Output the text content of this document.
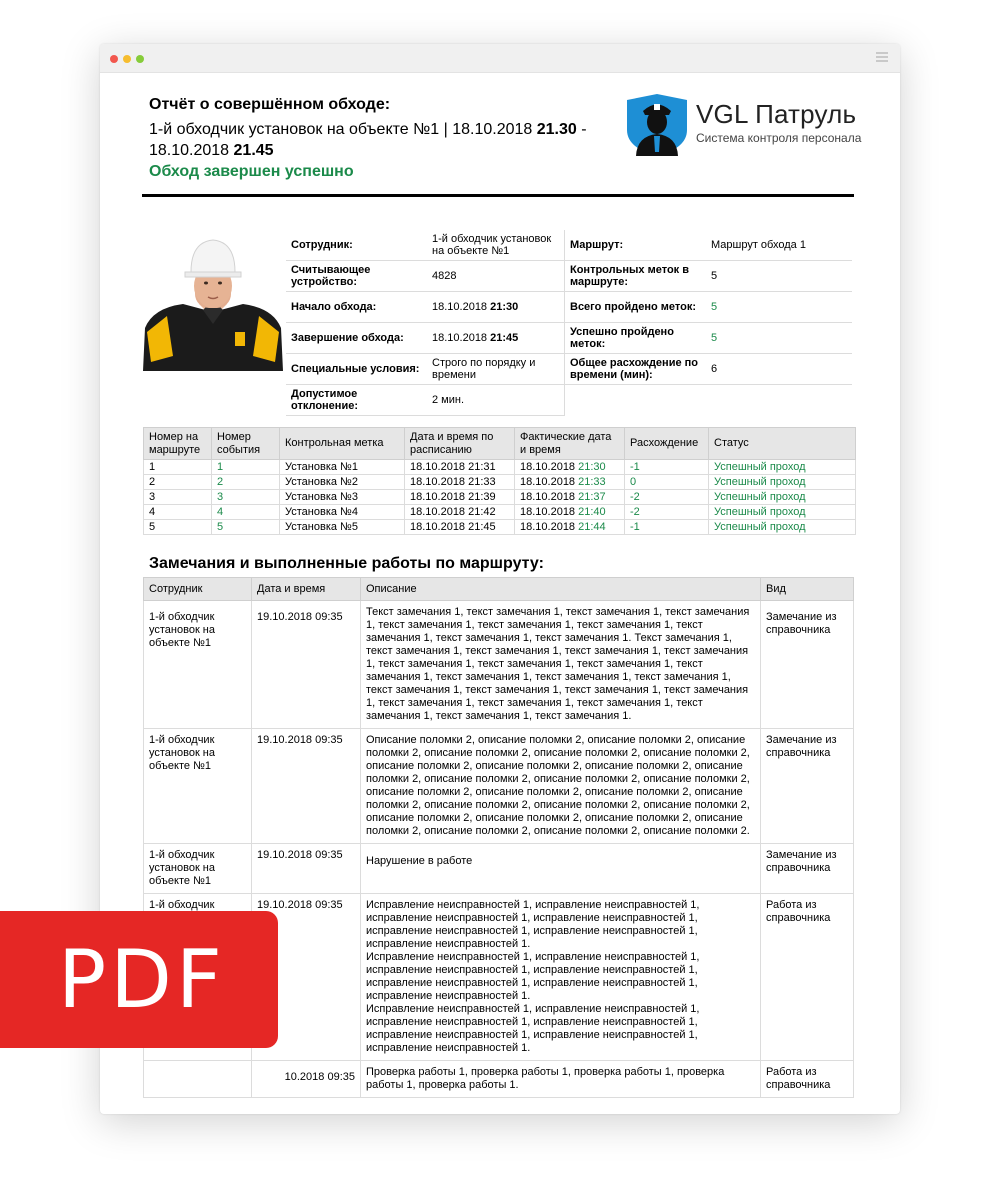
Отчёт о совершённом обходе:
1-й обходчик установок на объекте №1 | 18.10.2018 21.30 - 18.10.2018 21.45
Обход завершен успешно
VGL Патруль
Система контроля персонала
Сотрудник:	1-й обходчик установок на объекте №1	Маршрут:	Маршрут обхода 1
Считывающее устройство:	4828	Контрольных меток в маршруте:	5
Начало обхода:	18.10.2018 21:30	Всего пройдено меток:	5
Завершение обхода:	18.10.2018 21:45	Успешно пройдено меток:	5
Специальные условия:	Строго по порядку и времени	Общее расхождение по времени (мин):	6
Допустимое отклонение:	2 мин.		
Номер на маршруте	Номер события	Контрольная метка	Дата и время по расписанию	Фактические дата и время	Расхождение	Статус
1	1	Установка №1	18.10.2018 21:31	18.10.2018 21:30	-1	Успешный проход
2	2	Установка №2	18.10.2018 21:33	18.10.2018 21:33	0	Успешный проход
3	3	Установка №3	18.10.2018 21:39	18.10.2018 21:37	-2	Успешный проход
4	4	Установка №4	18.10.2018 21:42	18.10.2018 21:40	-2	Успешный проход
5	5	Установка №5	18.10.2018 21:45	18.10.2018 21:44	-1	Успешный проход
Замечания и выполненные работы по маршруту:
Сотрудник	Дата и время	Описание	Вид
1-й обходчик установок на объекте №1	19.10.2018 09:35	Текст замечания 1, текст замечания 1, текст замечания 1, текст замечания 1, текст замечания 1, текст замечания 1, текст замечания 1, текст замечания 1, текст замечания 1, текст замечания 1. Текст замечания 1, текст замечания 1, текст замечания 1, текст замечания 1, текст замечания 1, текст замечания 1, текст замечания 1, текст замечания 1, текст замечания 1, текст замечания 1, текст замечания 1, текст замечания 1, текст замечания 1, текст замечания 1, текст замечания 1, текст замечания 1, текст замечания 1, текст замечания 1, текст замечания 1, текст замечания 1, текст замечания 1, текст замечания 1.	Замечание из справочника
1-й обходчик установок на объекте №1	19.10.2018 09:35	Описание поломки 2, описание поломки 2, описание поломки 2, описание поломки 2, описание поломки 2, описание поломки 2, описание поломки 2, описание поломки 2, описание поломки 2, описание поломки 2, описание поломки 2, описание поломки 2, описание поломки 2, описание поломки 2, описание поломки 2, описание поломки 2, описание поломки 2, описание поломки 2, описание поломки 2, описание поломки 2, описание поломки 2, описание поломки 2, описание поломки 2, описание поломки 2, описание поломки 2, описание поломки 2, описание поломки 2, описание поломки 2.	Замечание из справочника
1-й обходчик установок на объекте №1	19.10.2018 09:35	Нарушение в работе	Замечание из справочника
1-й обходчик	19.10.2018 09:35	Исправление неисправностей 1, исправление неисправностей 1, исправление неисправностей 1, исправление неисправностей 1, исправление неисправностей 1, исправление неисправностей 1, исправление неисправностей 1.
Исправление неисправностей 1, исправление неисправностей 1, исправление неисправностей 1, исправление неисправностей 1, исправление неисправностей 1, исправление неисправностей 1, исправление неисправностей 1.
Исправление неисправностей 1, исправление неисправностей 1, исправление неисправностей 1, исправление неисправностей 1, исправление неисправностей 1, исправление неисправностей 1, исправление неисправностей 1.	Работа из справочника
	10.2018 09:35	Проверка работы 1, проверка работы 1, проверка работы 1, проверка работы 1, проверка работы 1.	Работа из справочника
PDF
